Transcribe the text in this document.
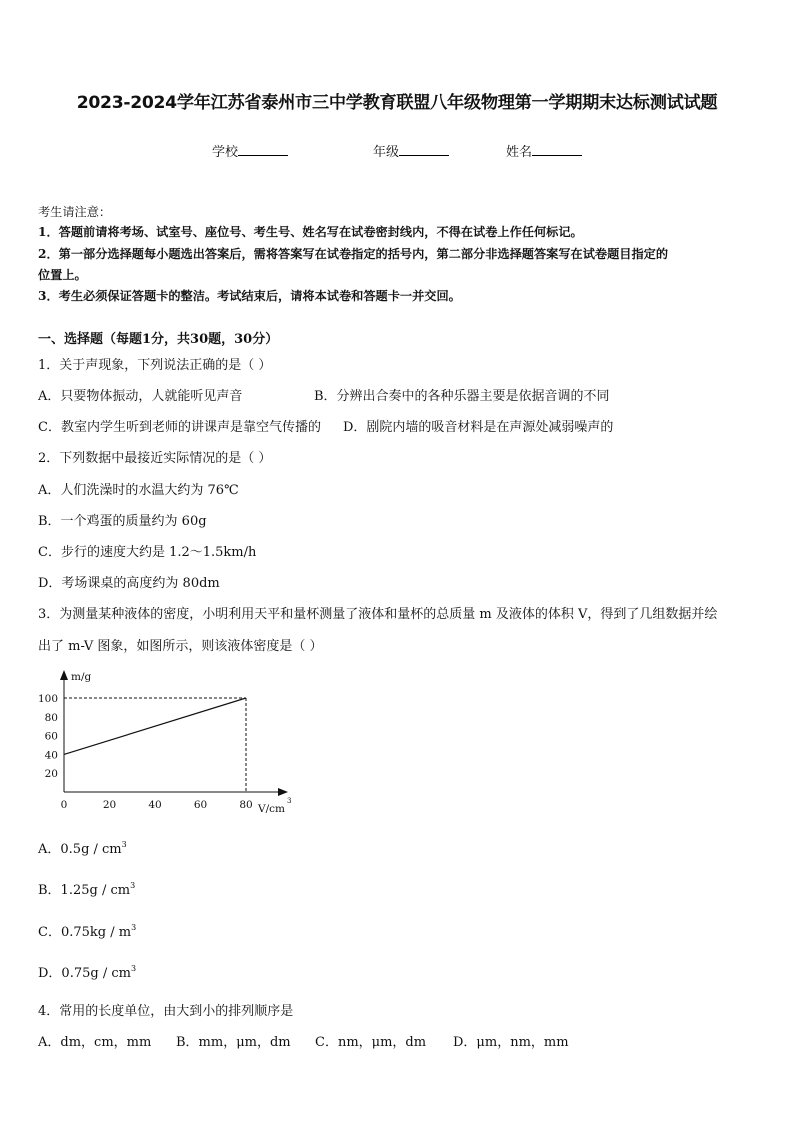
2023-2024学年江苏省泰州市三中学教育联盟八年级物理第一学期期末达标测试试题
学校	年级	姓名
考生请注意：
1．答题前请将考场、试室号、座位号、考生号、姓名写在试卷密封线内，不得在试卷上作任何标记。
2．第一部分选择题每小题选出答案后，需将答案写在试卷指定的括号内，第二部分非选择题答案写在试卷题目指定的
位置上。
3．考生必须保证答题卡的整洁。考试结束后，请将本试卷和答题卡一并交回。
一、选择题（每题1分，共30题，30分）
1．关于声现象，下列说法正确的是（ ）
A．只要物体振动，人就能听见声音	B．分辨出合奏中的各种乐器主要是依据音调的不同
C．教室内学生听到老师的讲课声是靠空气传播的 D．剧院内墙的吸音材料是在声源处减弱噪声的
2．下列数据中最接近实际情况的是（ ）
A．人们洗澡时的水温大约为 76℃
B．一个鸡蛋的质量约为 60g
C．步行的速度大约是 1.2～1.5km/h
D．考场课桌的高度约为 80dm
3．为测量某种液体的密度，小明利用天平和量杯测量了液体和量杯的总质量 m 及液体的体积 V，得到了几组数据并绘
出了 m-V 图象，如图所示，则该液体密度是（ ）
m/g
V/cm
3
0	20	40	60	80
20
40
60
80
100
A．$0.5g / cm^3$
B．$1.25g / cm^3$
C．$0.75kg / m^3$
D．$0.75g / cm^3$
4．常用的长度单位，由大到小的排列顺序是
A．dm，cm，mm B．mm，μm，dm C．nm，μm，dm D．μm，nm，mm
